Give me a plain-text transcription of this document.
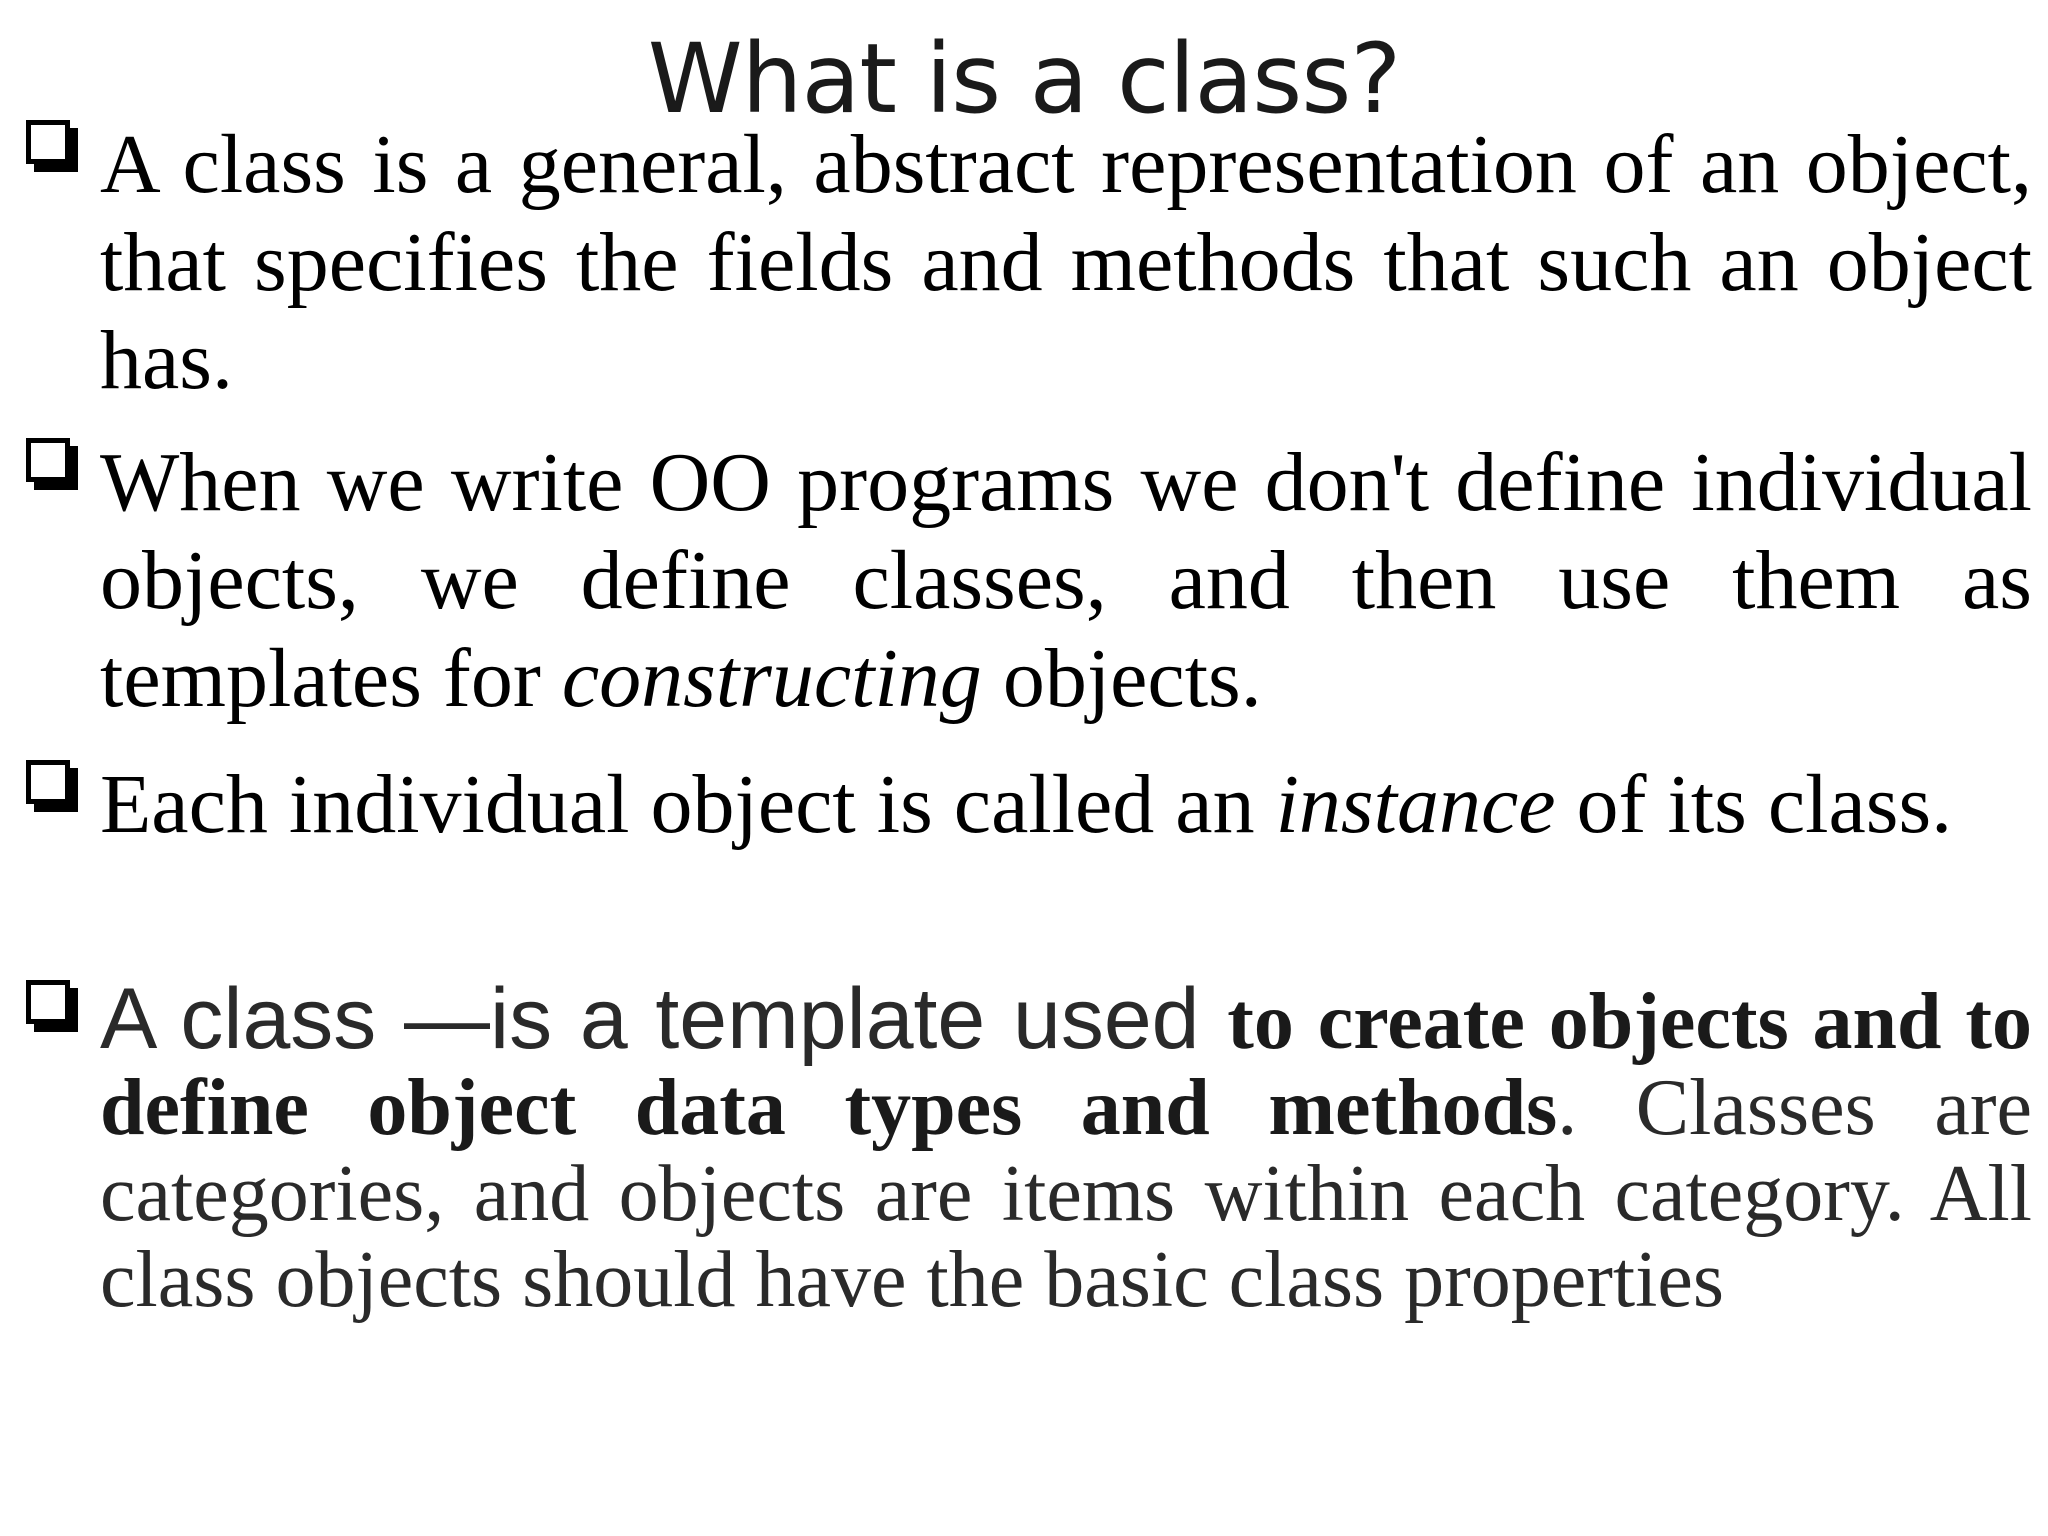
What is a class?
A class is a general, abstract representation of an object, that specifies the fields and methods that such an object has.
When we write OO programs we don't define individual objects, we define classes, and then use them as templates for constructing objects.
Each individual object is called an instance of its class.
A class —is a template used to create objects and to define object data types and methods. Classes are categories, and objects are items within each category. All class objects should have the basic class properties
